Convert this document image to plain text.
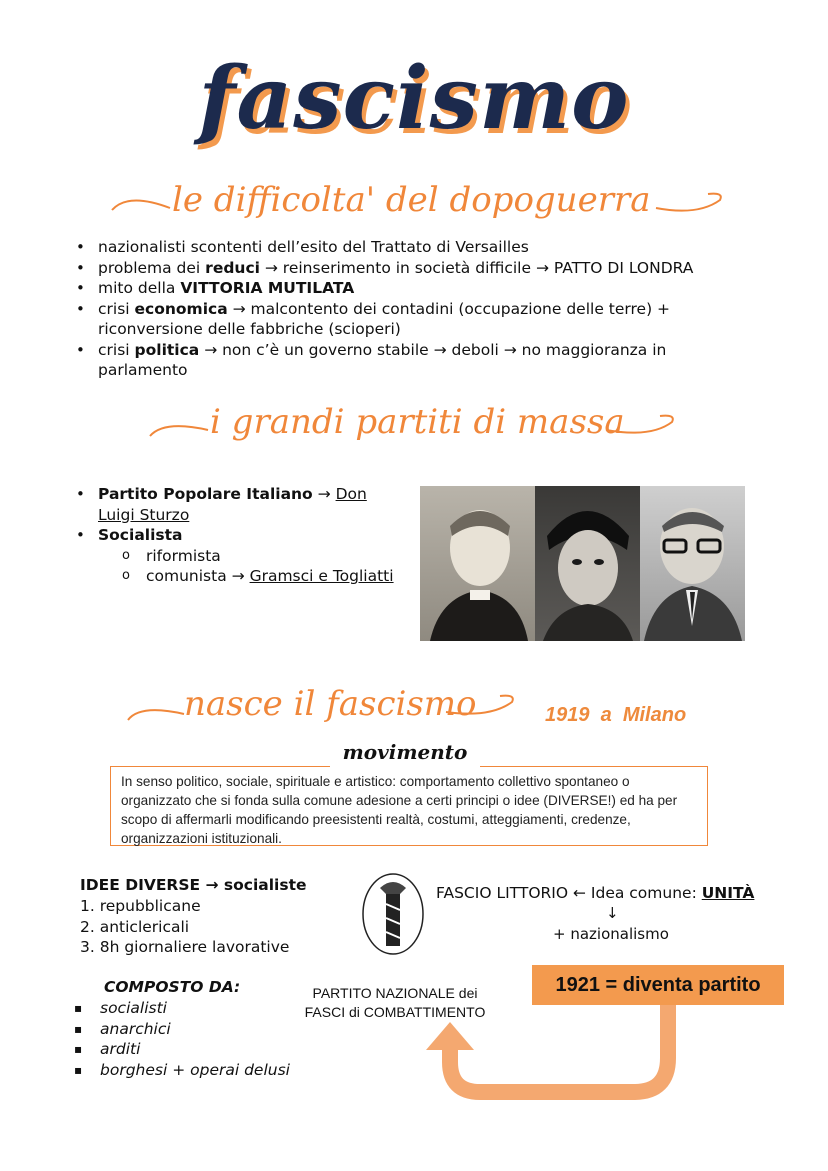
fascismo
le difficolta' del dopoguerra
• nazionalisti scontenti dell’esito del Trattato di Versailles
• problema dei reduci → reinserimento in società difficile → PATTO DI LONDRA
• mito della VITTORIA MUTILATA
• crisi economica → malcontento dei contadini (occupazione delle terre) + riconversione delle fabbriche (scioperi)
• crisi politica → non c’è un governo stabile → deboli → no maggioranza in parlamento
i grandi partiti di massa
• Partito Popolare Italiano → Don Luigi Sturzo
• Socialista
o riformista
o comunista → Gramsci e Togliatti
nasce il fascismo	1919  a  Milano
movimento
In senso politico, sociale, spirituale e artistico: comportamento collettivo spontaneo o organizzato che si fonda sulla comune adesione a certi principi o idee (DIVERSE!) ed ha per scopo di affermarli modificando preesistenti realtà, costumi, atteggiamenti, credenze, organizzazioni istituzionali.
IDEE DIVERSE → socialiste
1. repubblicane
2. anticlericali
3. 8h giornaliere lavorative
FASCIO LITTORIO ← Idea comune: UNITÀ
↓
+ nazionalismo
COMPOSTO DA:
▪ socialisti
▪ anarchici
▪ arditi
▪ borghesi + operai delusi
PARTITO NAZIONALE dei
FASCI di COMBATTIMENTO
1921 = diventa partito
